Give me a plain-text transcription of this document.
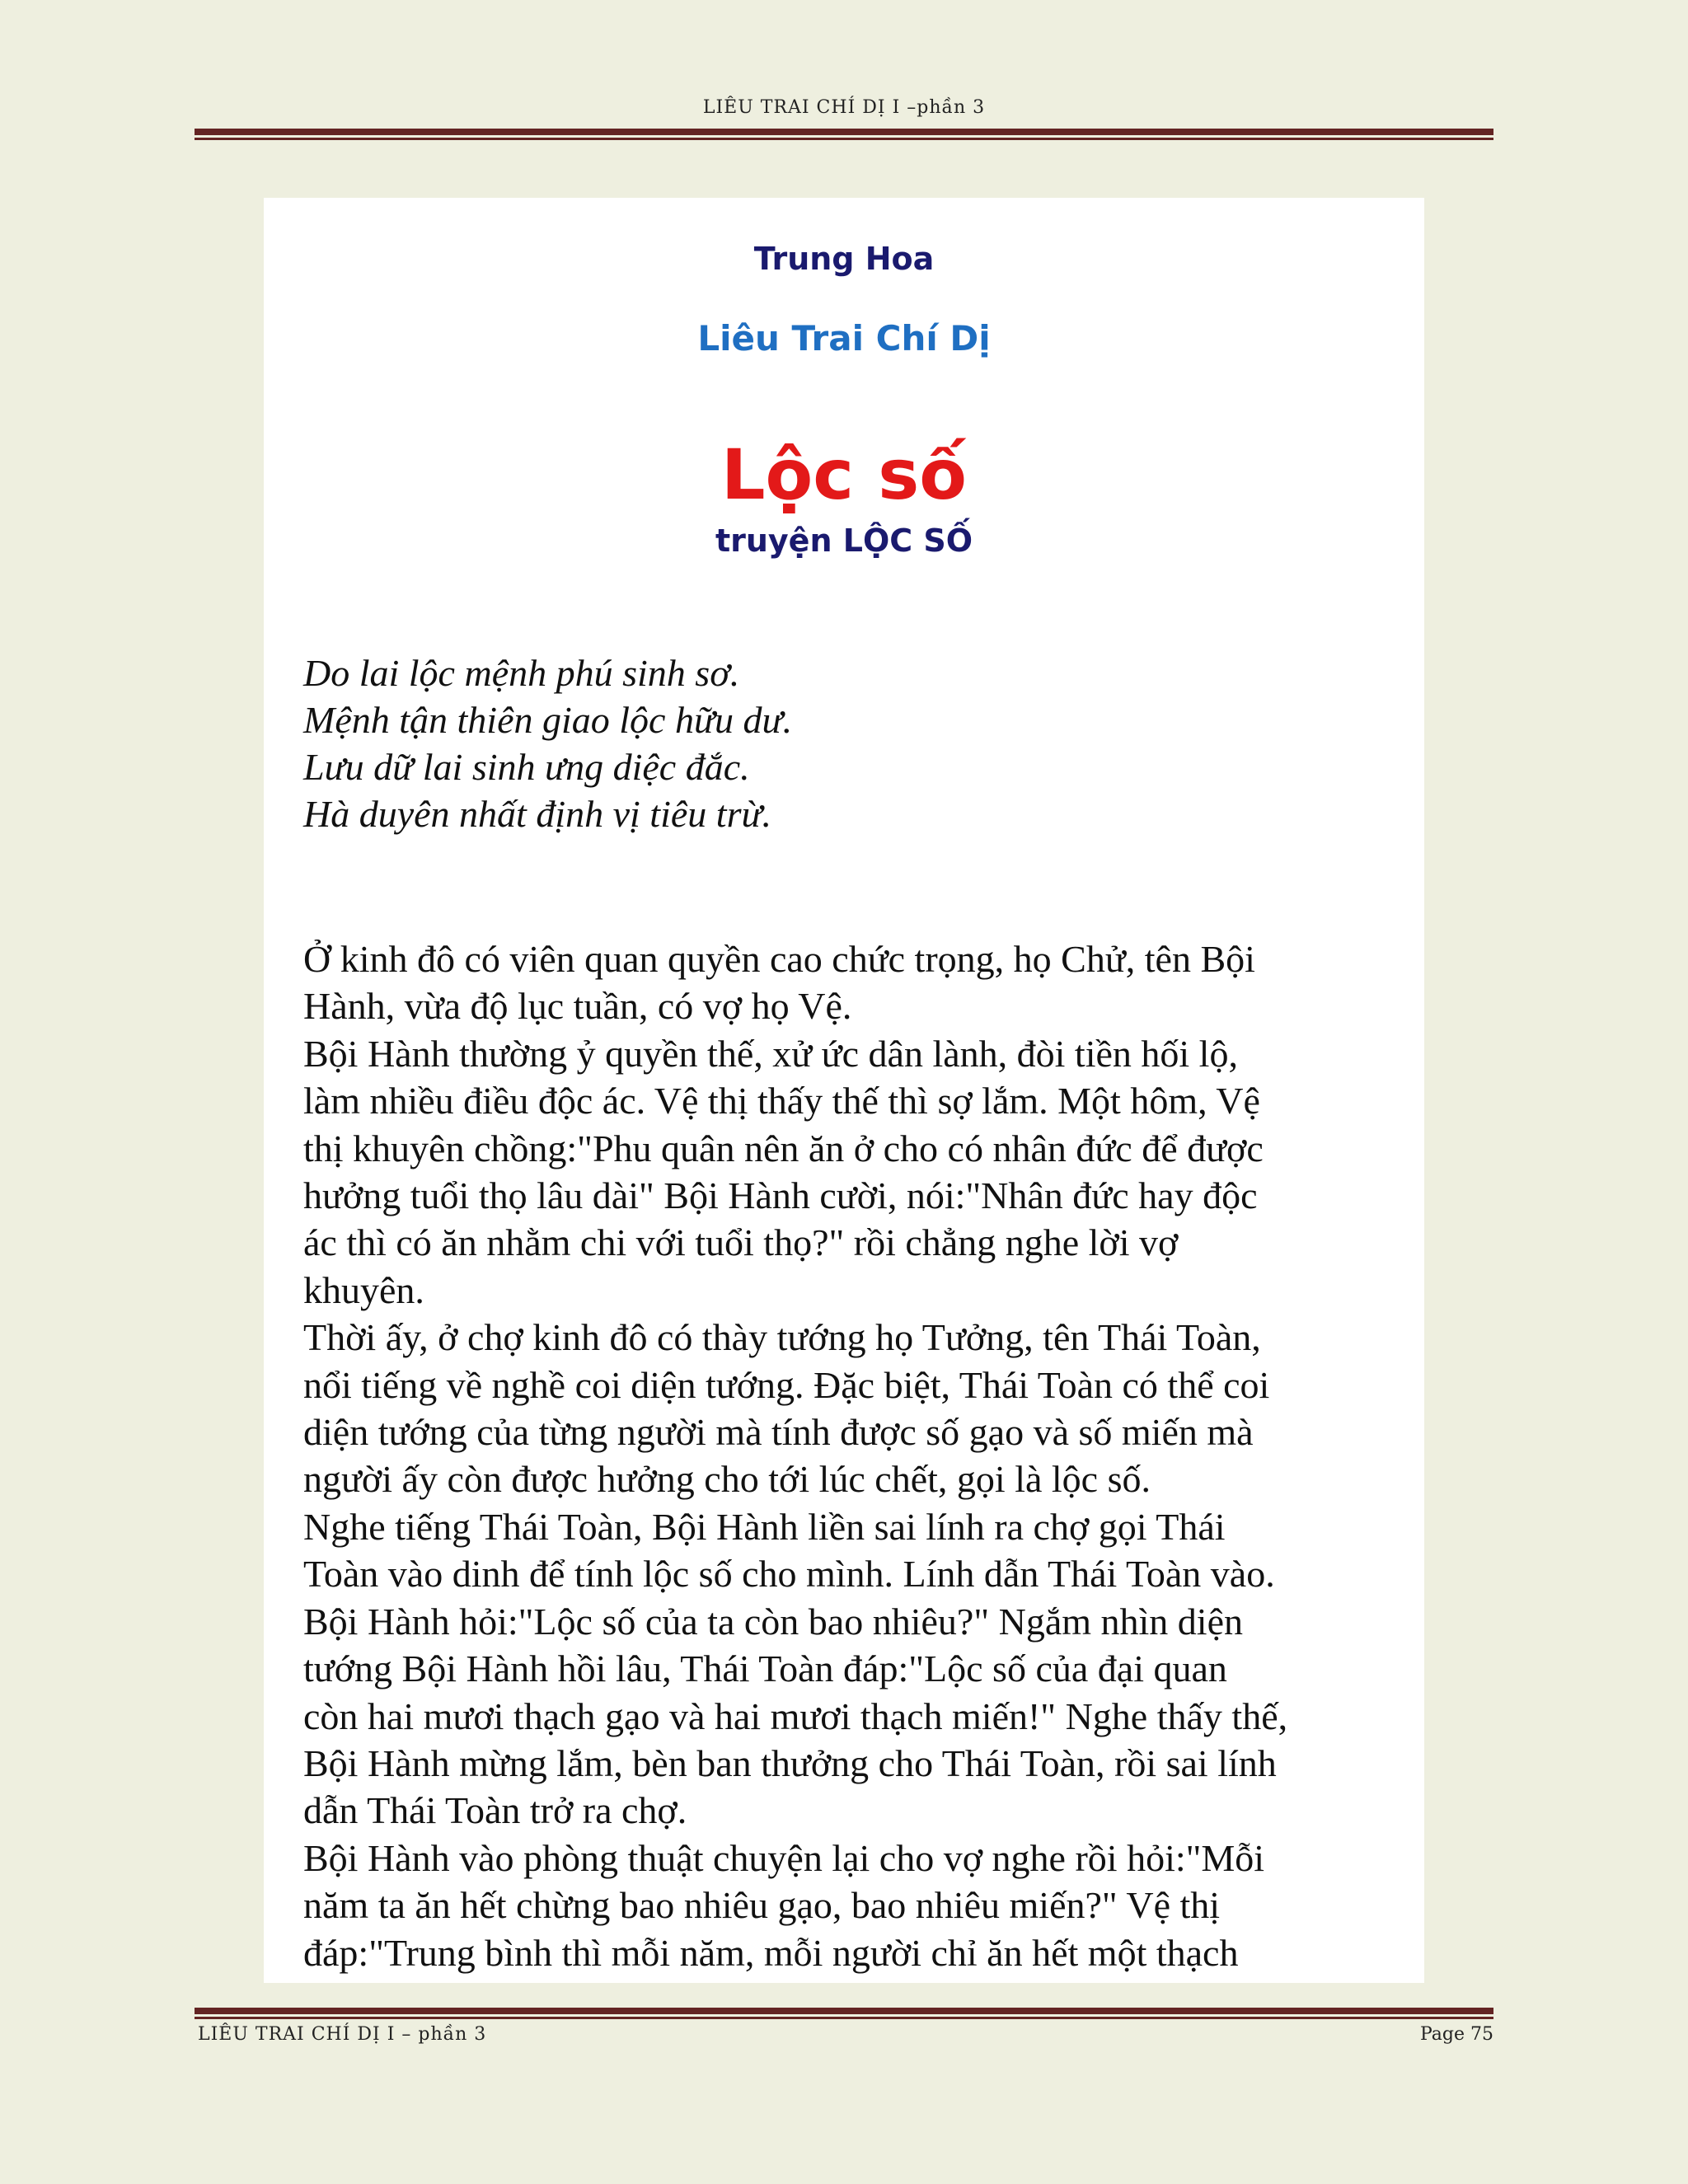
LIÊU TRAI CHÍ DỊ I –phần 3
Trung Hoa
Liêu Trai Chí Dị
Lộc số
truyện LỘC SỐ
Do lai lộc mệnh phú sinh sơ.
Mệnh tận thiên giao lộc hữu dư.
Lưu dữ lai sinh ưng diệc đắc.
Hà duyên nhất định vị tiêu trừ.
Ở kinh đô có viên quan quyền cao chức trọng, họ Chử, tên Bội
Hành, vừa độ lục tuần, có vợ họ Vệ.
Bội Hành thường ỷ quyền thế, xử ức dân lành, đòi tiền hối lộ,
làm nhiều điều độc ác. Vệ thị thấy thế thì sợ lắm. Một hôm, Vệ
thị khuyên chồng:"Phu quân nên ăn ở cho có nhân đức để được
hưởng tuổi thọ lâu dài" Bội Hành cười, nói:"Nhân đức hay độc
ác thì có ăn nhằm chi với tuổi thọ?" rồi chẳng nghe lời vợ
khuyên.
Thời ấy, ở chợ kinh đô có thày tướng họ Tưởng, tên Thái Toàn,
nổi tiếng về nghề coi diện tướng. Đặc biệt, Thái Toàn có thể coi
diện tướng của từng người mà tính được số gạo và số miến mà
người ấy còn được hưởng cho tới lúc chết, gọi là lộc số.
Nghe tiếng Thái Toàn, Bội Hành liền sai lính ra chợ gọi Thái
Toàn vào dinh để tính lộc số cho mình. Lính dẫn Thái Toàn vào.
Bội Hành hỏi:"Lộc số của ta còn bao nhiêu?" Ngắm nhìn diện
tướng Bội Hành hồi lâu, Thái Toàn đáp:"Lộc số của đại quan
còn hai mươi thạch gạo và hai mươi thạch miến!" Nghe thấy thế,
Bội Hành mừng lắm, bèn ban thưởng cho Thái Toàn, rồi sai lính
dẫn Thái Toàn trở ra chợ.
Bội Hành vào phòng thuật chuyện lại cho vợ nghe rồi hỏi:"Mỗi
năm ta ăn hết chừng bao nhiêu gạo, bao nhiêu miến?" Vệ thị
đáp:"Trung bình thì mỗi năm, mỗi người chỉ ăn hết một thạch
LIÊU TRAI CHÍ DỊ I – phần 3	Page 75
